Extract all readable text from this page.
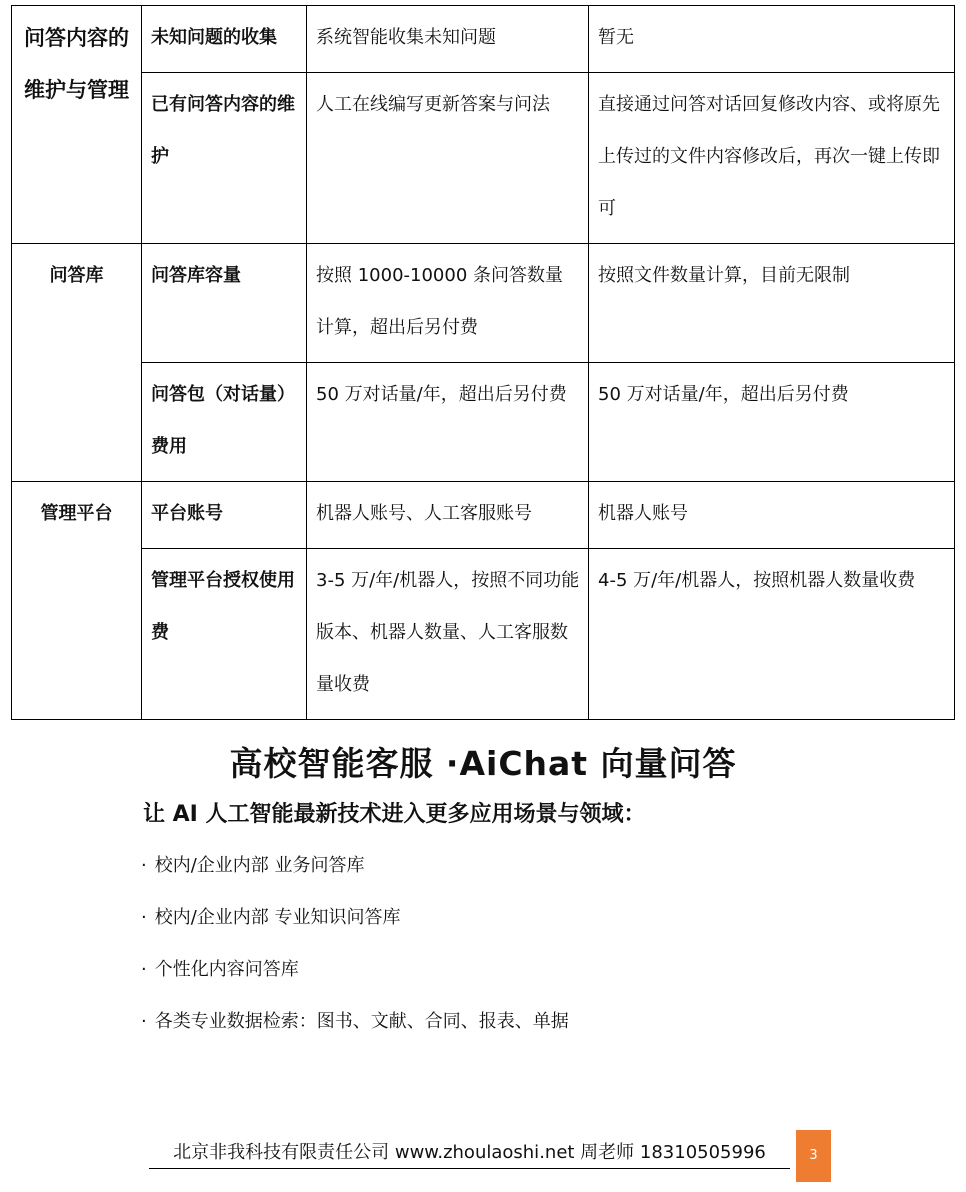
问答内容的维护与管理	未知问题的收集	系统智能收集未知问题	暂无
	已有问答内容的维护	人工在线编写更新答案与问法	直接通过问答对话回复修改内容、或将原先上传过的文件内容修改后，再次一键上传即可
问答库	问答库容量	按照 1000-10000 条问答数量计算，超出后另付费	按照文件数量计算，目前无限制
	问答包（对话量）费用	50 万对话量/年，超出后另付费	50 万对话量/年，超出后另付费
管理平台	平台账号	机器人账号、人工客服账号	机器人账号
	管理平台授权使用费	3-5 万/年/机器人，按照不同功能版本、机器人数量、人工客服数量收费	4-5 万/年/机器人，按照机器人数量收费
高校智能客服 ·AiChat 向量问答
让 AI 人工智能最新技术进入更多应用场景与领域：
· 校内/企业内部 业务问答库
· 校内/企业内部 专业知识问答库
· 个性化内容问答库
· 各类专业数据检索：图书、文献、合同、报表、单据
北京非我科技有限责任公司 www.zhoulaoshi.net 周老师 18310505996	3
